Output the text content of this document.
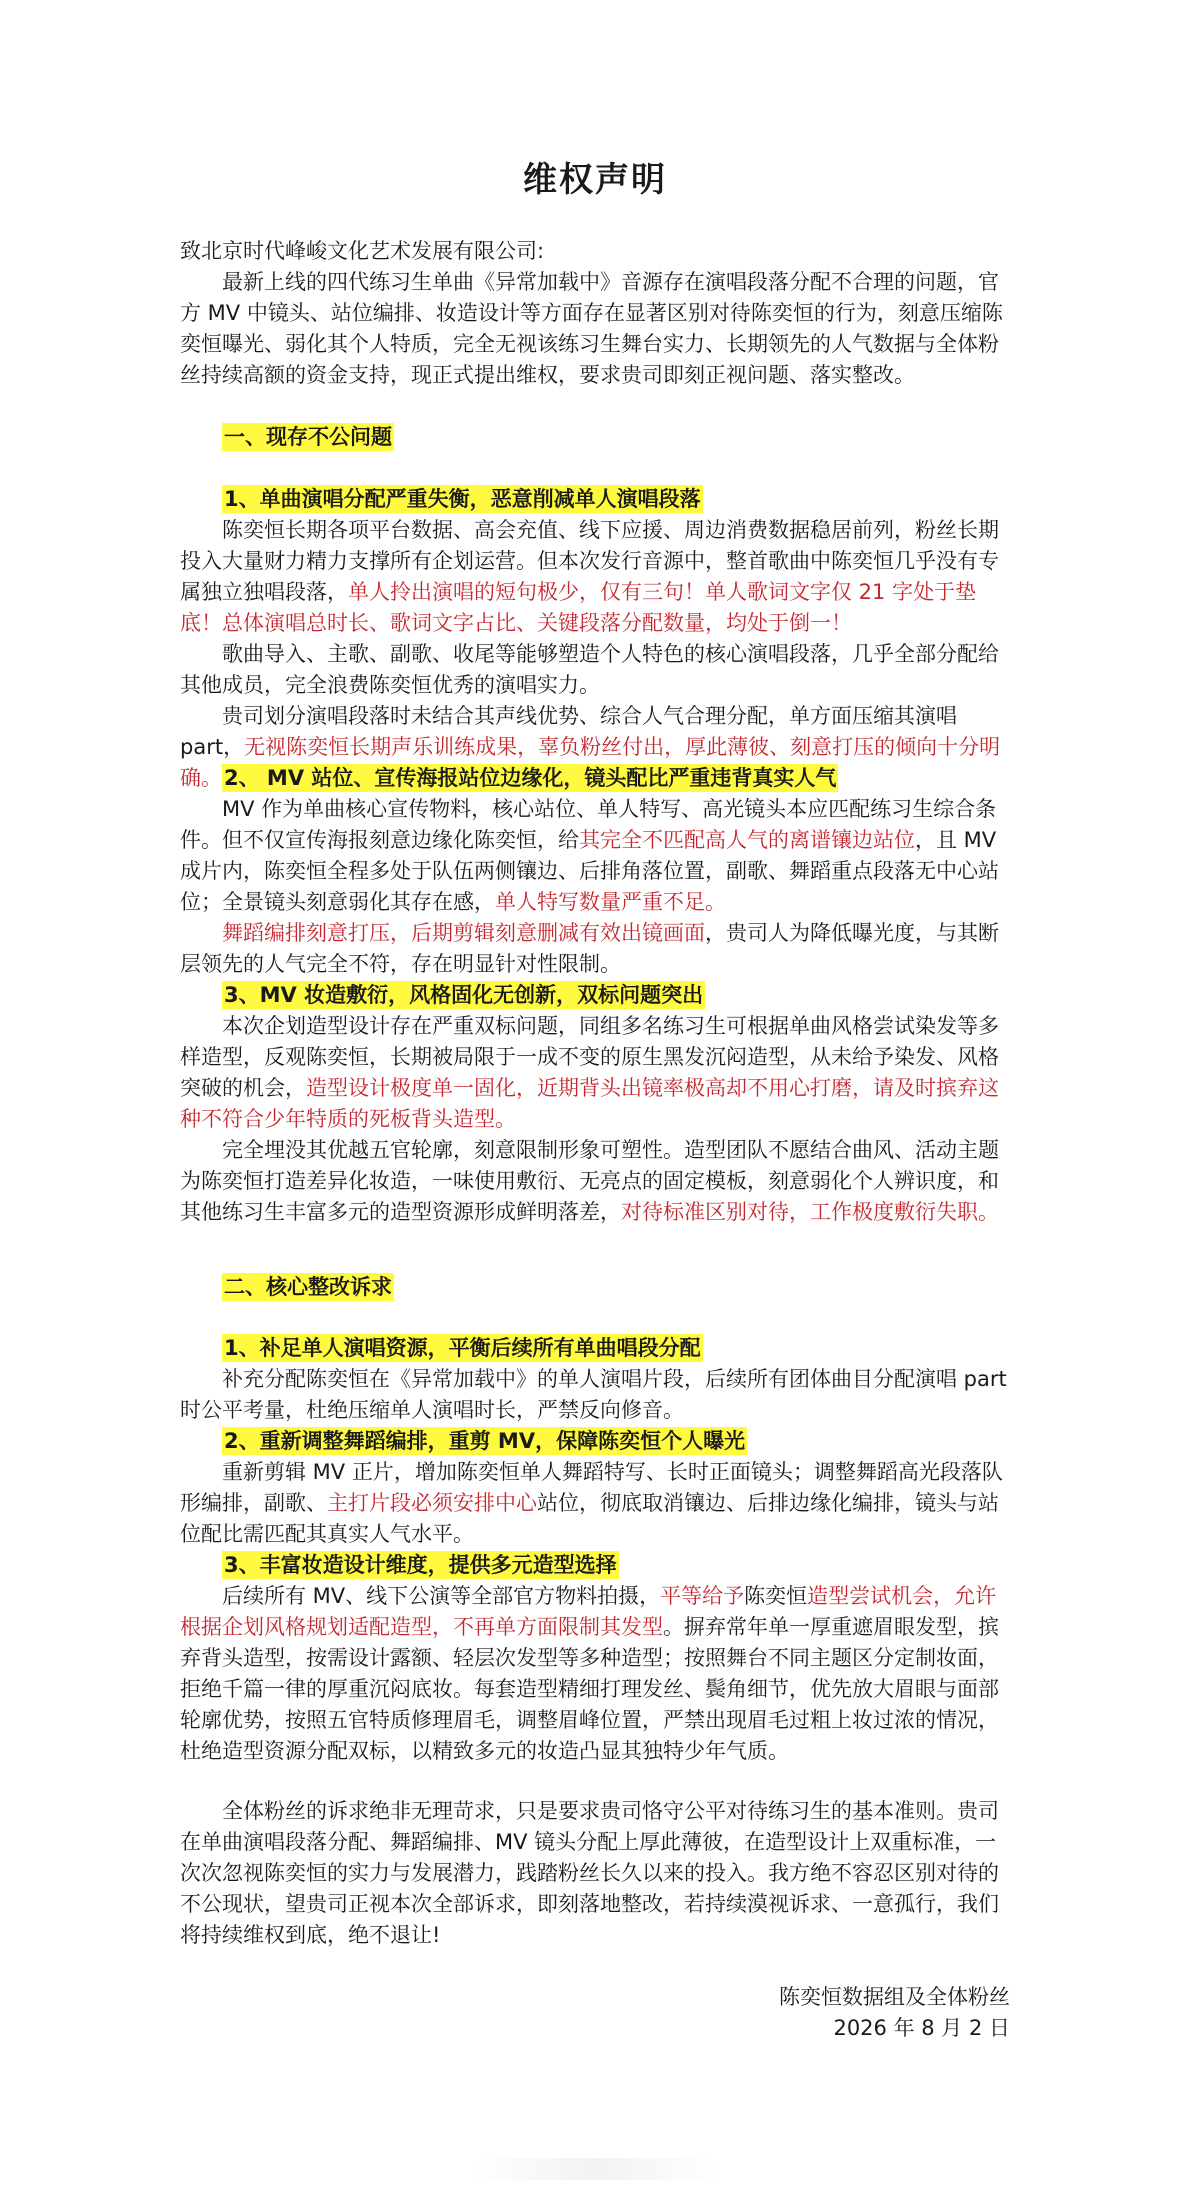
维权声明
致北京时代峰峻文化艺术发展有限公司:
最新上线的四代练习生单曲《异常加载中》音源存在演唱段落分配不合理的问题，官方 MV 中镜头、站位编排、妆造设计等方面存在显著区别对待陈奕恒的行为，刻意压缩陈奕恒曝光、弱化其个人特质，完全无视该练习生舞台实力、长期领先的人气数据与全体粉丝持续高额的资金支持，现正式提出维权，要求贵司即刻正视问题、落实整改。
一、现存不公问题
1、单曲演唱分配严重失衡，恶意削减单人演唱段落
陈奕恒长期各项平台数据、高会充值、线下应援、周边消费数据稳居前列，粉丝长期投入大量财力精力支撑所有企划运营。但本次发行音源中，整首歌曲中陈奕恒几乎没有专属独立独唱段落，单人拎出演唱的短句极少，仅有三句！单人歌词文字仅 21 字处于垫底！总体演唱总时长、歌词文字占比、关键段落分配数量，均处于倒一！
歌曲导入、主歌、副歌、收尾等能够塑造个人特色的核心演唱段落，几乎全部分配给其他成员，完全浪费陈奕恒优秀的演唱实力。
贵司划分演唱段落时未结合其声线优势、综合人气合理分配，单方面压缩其演唱 part，无视陈奕恒长期声乐训练成果，辜负粉丝付出，厚此薄彼、刻意打压的倾向十分明确。 2、 MV 站位、宣传海报站位边缘化，镜头配比严重违背真实人气
MV 作为单曲核心宣传物料，核心站位、单人特写、高光镜头本应匹配练习生综合条件。但不仅宣传海报刻意边缘化陈奕恒，给其完全不匹配高人气的离谱镶边站位，且 MV 成片内，陈奕恒全程多处于队伍两侧镶边、后排角落位置，副歌、舞蹈重点段落无中心站位；全景镜头刻意弱化其存在感，单人特写数量严重不足。
舞蹈编排刻意打压，后期剪辑刻意删减有效出镜画面，贵司人为降低曝光度，与其断层领先的人气完全不符，存在明显针对性限制。
3、MV 妆造敷衍，风格固化无创新，双标问题突出
本次企划造型设计存在严重双标问题，同组多名练习生可根据单曲风格尝试染发等多样造型，反观陈奕恒，长期被局限于一成不变的原生黑发沉闷造型，从未给予染发、风格突破的机会，造型设计极度单一固化，近期背头出镜率极高却不用心打磨，请及时摈弃这种不符合少年特质的死板背头造型。
完全埋没其优越五官轮廓，刻意限制形象可塑性。造型团队不愿结合曲风、活动主题为陈奕恒打造差异化妆造，一味使用敷衍、无亮点的固定模板，刻意弱化个人辨识度，和其他练习生丰富多元的造型资源形成鲜明落差，对待标准区别对待，工作极度敷衍失职。
二、核心整改诉求
1、补足单人演唱资源，平衡后续所有单曲唱段分配
补充分配陈奕恒在《异常加载中》的单人演唱片段，后续所有团体曲目分配演唱 part 时公平考量，杜绝压缩单人演唱时长，严禁反向修音。
2、重新调整舞蹈编排，重剪 MV，保障陈奕恒个人曝光
重新剪辑 MV 正片，增加陈奕恒单人舞蹈特写、长时正面镜头；调整舞蹈高光段落队形编排，副歌、主打片段必须安排中心站位，彻底取消镶边、后排边缘化编排，镜头与站位配比需匹配其真实人气水平。
3、丰富妆造设计维度，提供多元造型选择
后续所有 MV、线下公演等全部官方物料拍摄，平等给予陈奕恒造型尝试机会，允许根据企划风格规划适配造型，不再单方面限制其发型。摒弃常年单一厚重遮眉眼发型，摈弃背头造型，按需设计露额、轻层次发型等多种造型；按照舞台不同主题区分定制妆面，拒绝千篇一律的厚重沉闷底妆。每套造型精细打理发丝、鬓角细节，优先放大眉眼与面部轮廓优势，按照五官特质修理眉毛，调整眉峰位置，严禁出现眉毛过粗上妆过浓的情况，杜绝造型资源分配双标，以精致多元的妆造凸显其独特少年气质。
全体粉丝的诉求绝非无理苛求，只是要求贵司恪守公平对待练习生的基本准则。贵司在单曲演唱段落分配、舞蹈编排、MV 镜头分配上厚此薄彼，在造型设计上双重标准，一次次忽视陈奕恒的实力与发展潜力，践踏粉丝长久以来的投入。我方绝不容忍区别对待的不公现状，望贵司正视本次全部诉求，即刻落地整改，若持续漠视诉求、一意孤行，我们将持续维权到底，绝不退让!
陈奕恒数据组及全体粉丝
2026 年 8 月 2 日
